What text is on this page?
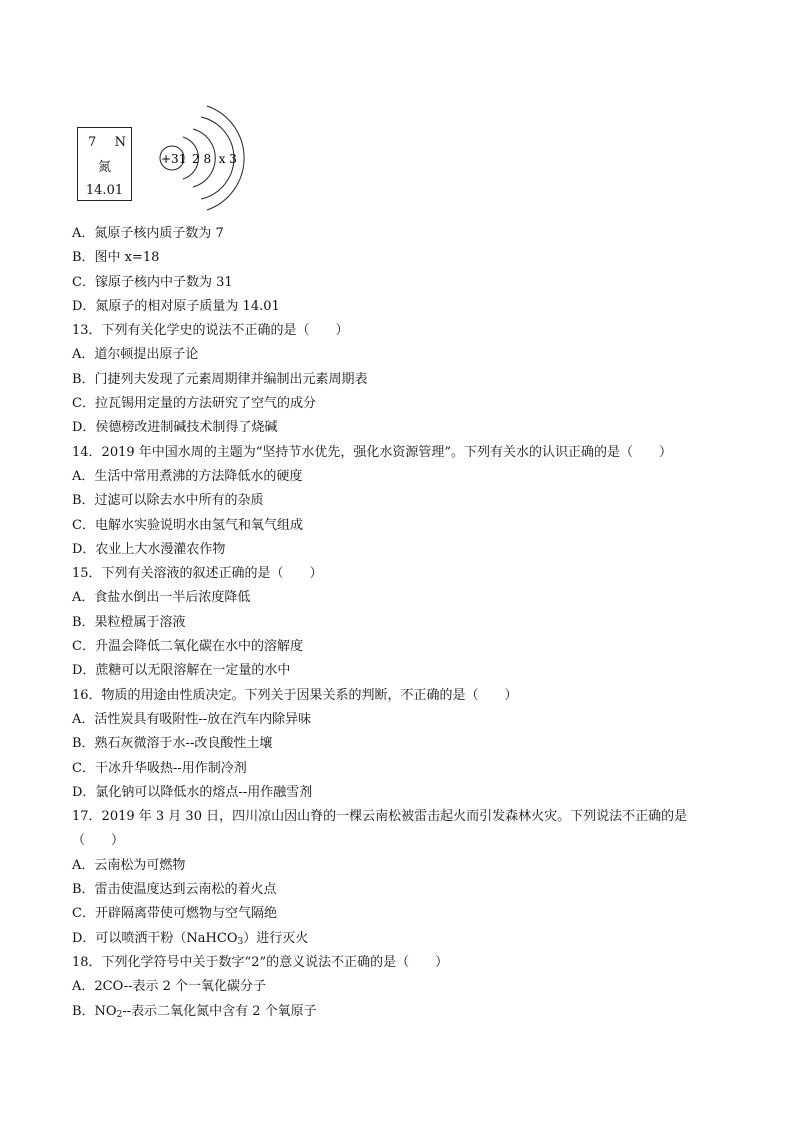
7 N
氮
14.01
+31 2 8  x 3
A．氮原子核内质子数为 7
B．图中 x=18
C．镓原子核内中子数为 31
D．氮原子的相对原子质量为 14.01
13．下列有关化学史的说法不正确的是（　　）
A．道尔顿提出原子论
B．门捷列夫发现了元素周期律并编制出元素周期表
C．拉瓦锡用定量的方法研究了空气的成分
D．侯德榜改进制碱技术制得了烧碱
14．2019 年中国水周的主题为“坚持节水优先，强化水资源管理”。下列有关水的认识正确的是（　　）
A．生活中常用煮沸的方法降低水的硬度
B．过滤可以除去水中所有的杂质
C．电解水实验说明水由氢气和氧气组成
D．农业上大水漫灌农作物
15．下列有关溶液的叙述正确的是（　　）
A．食盐水倒出一半后浓度降低
B．果粒橙属于溶液
C．升温会降低二氧化碳在水中的溶解度
D．蔗糖可以无限溶解在一定量的水中
16．物质的用途由性质决定。下列关于因果关系的判断，不正确的是（　　）
A．活性炭具有吸附性--放在汽车内除异味
B．熟石灰微溶于水--改良酸性土壤
C．干冰升华吸热--用作制冷剂
D．氯化钠可以降低水的熔点--用作融雪剂
17．2019 年 3 月 30 日，四川凉山因山脊的一棵云南松被雷击起火而引发森林火灾。下列说法不正确的是
（　　）
A．云南松为可燃物
B．雷击使温度达到云南松的着火点
C．开辟隔离带使可燃物与空气隔绝
D．可以喷洒干粉（NaHCO$_3$）进行灭火
18．下列化学符号中关于数字“2”的意义说法不正确的是（　　）
A．2CO--表示 2 个一氧化碳分子
B．$NO_2--$表示二氧化氮中含有 2 个氧原子
